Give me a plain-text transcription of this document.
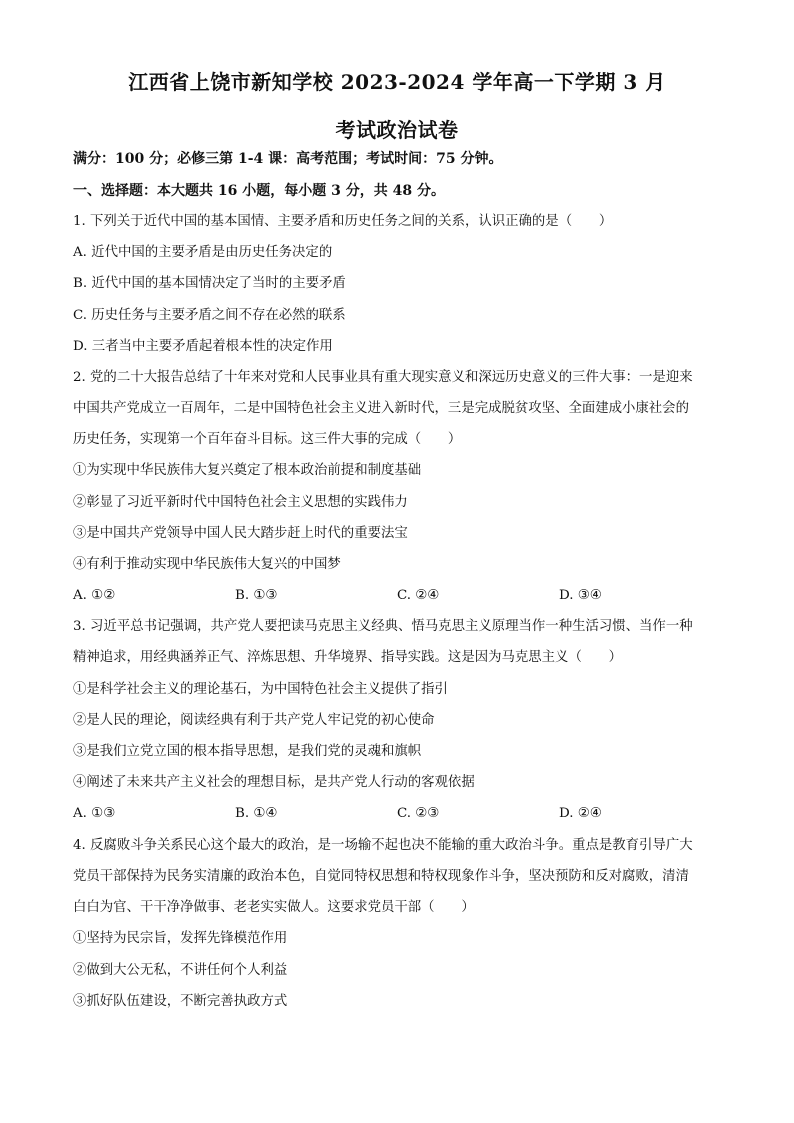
江西省上饶市新知学校 2023-2024 学年高一下学期 3 月
考试政治试卷
满分：100 分；必修三第 1-4 课：高考范围；考试时间：75 分钟。
一、选择题：本大题共 16 小题，每小题 3 分，共 48 分。
1. 下列关于近代中国的基本国情、主要矛盾和历史任务之间的关系，认识正确的是（　　）
A. 近代中国的主要矛盾是由历史任务决定的
B. 近代中国的基本国情决定了当时的主要矛盾
C. 历史任务与主要矛盾之间不存在必然的联系
D. 三者当中主要矛盾起着根本性的决定作用
2. 党的二十大报告总结了十年来对党和人民事业具有重大现实意义和深远历史意义的三件大事：一是迎来
中国共产党成立一百周年，二是中国特色社会主义进入新时代，三是完成脱贫攻坚、全面建成小康社会的
历史任务，实现第一个百年奋斗目标。这三件大事的完成（　　）
①为实现中华民族伟大复兴奠定了根本政治前提和制度基础
②彰显了习近平新时代中国特色社会主义思想的实践伟力
③是中国共产党领导中国人民大踏步赶上时代的重要法宝
④有利于推动实现中华民族伟大复兴的中国梦
A. ①②	B. ①③	C. ②④	D. ③④
3. 习近平总书记强调，共产党人要把读马克思主义经典、悟马克思主义原理当作一种生活习惯、当作一种
精神追求，用经典涵养正气、淬炼思想、升华境界、指导实践。这是因为马克思主义（　　）
①是科学社会主义的理论基石，为中国特色社会主义提供了指引
②是人民的理论，阅读经典有利于共产党人牢记党的初心使命
③是我们立党立国的根本指导思想，是我们党的灵魂和旗帜
④阐述了未来共产主义社会的理想目标，是共产党人行动的客观依据
A. ①③	B. ①④	C. ②③	D. ②④
4. 反腐败斗争关系民心这个最大的政治，是一场输不起也决不能输的重大政治斗争。重点是教育引导广大
党员干部保持为民务实清廉的政治本色，自觉同特权思想和特权现象作斗争，坚决预防和反对腐败，清清
白白为官、干干净净做事、老老实实做人。这要求党员干部（　　）
①坚持为民宗旨，发挥先锋模范作用
②做到大公无私，不讲任何个人利益
③抓好队伍建设，不断完善执政方式
